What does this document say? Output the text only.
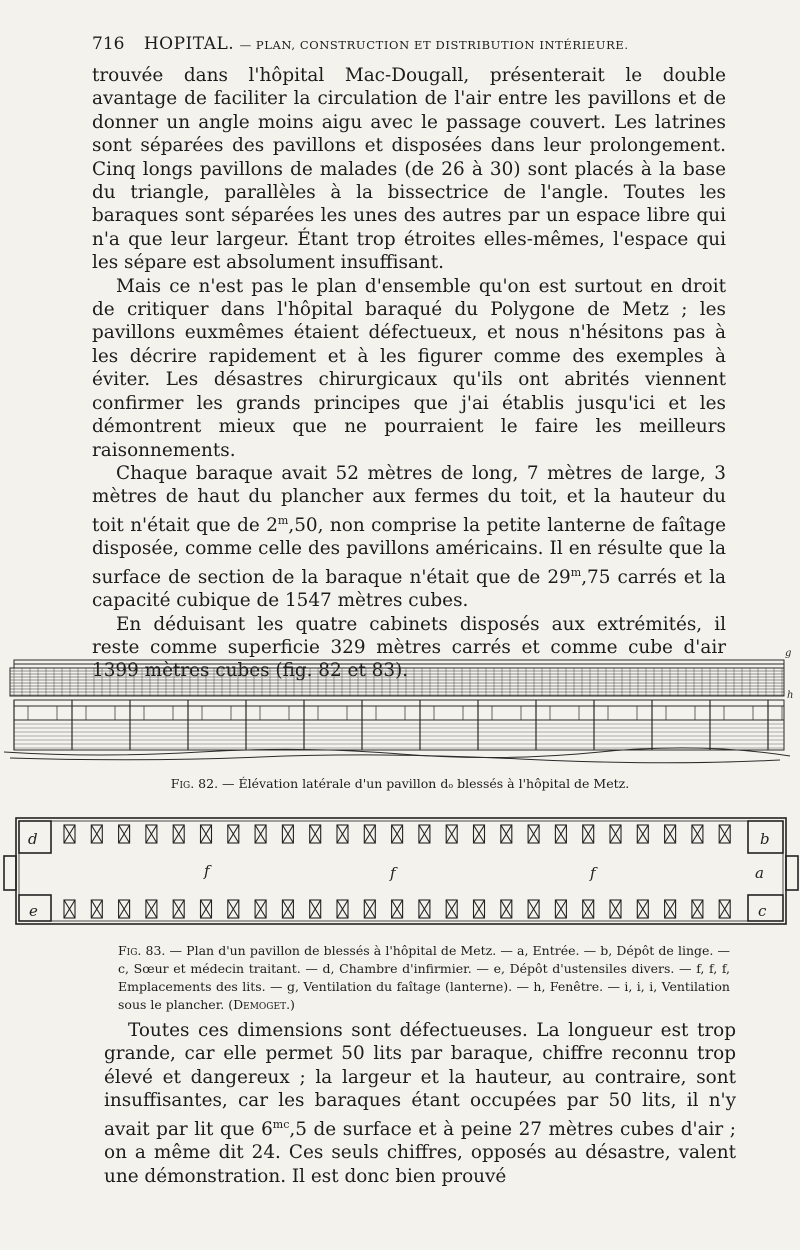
716 HOPITAL. — PLAN, CONSTRUCTION ET DISTRIBUTION INTÉRIEURE.

trouvée dans l'hôpital Mac-Dougall, présenterait le double avantage de faciliter la circulation de l'air entre les pavillons et de donner un angle moins aigu avec le passage couvert. Les latrines sont séparées des pavillons et disposées dans leur prolongement. Cinq longs pavillons de malades (de 26 à 30) sont placés à la base du triangle, parallèles à la bissectrice de l'angle. Toutes les baraques sont séparées les unes des autres par un espace libre qui n'a que leur largeur. Étant trop étroites elles-mêmes, l'espace qui les sépare est absolument insuffisant.

Mais ce n'est pas le plan d'ensemble qu'on est surtout en droit de critiquer dans l'hôpital baraqué du Polygone de Metz ; les pavillons euxmêmes étaient défectueux, et nous n'hésitons pas à les décrire rapidement et à les figurer comme des exemples à éviter. Les désastres chirurgicaux qu'ils ont abrités viennent confirmer les grands principes que j'ai établis jusqu'ici et les démontrent mieux que ne pourraient le faire les meilleurs raisonnements.

Chaque baraque avait 52 mètres de long, 7 mètres de large, 3 mètres de haut du plancher aux fermes du toit, et la hauteur du toit n'était que de 2$^m$,50, non comprise la petite lanterne de faîtage disposée, comme celle des pavillons américains. Il en résulte que la surface de section de la baraque n'était que de 29$^m$,75 carrés et la capacité cubique de 1547 mètres cubes.

En déduisant les quatre cabinets disposés aux extrémités, il reste comme superficie 329 mètres carrés et comme cube d'air 1399 mètres cubes (fig. 82 et 83).

g
h
Fig. 82. — Élévation latérale d'un pavillon dₒ blessés à l'hôpital de Metz.
d
e
b
c
a
f	f	f
Fig. 83. — Plan d'un pavillon de blessés à l'hôpital de Metz. — a, Entrée. — b, Dépôt de linge. — c, Sœur et médecin traitant. — d, Chambre d'infirmier. — e, Dépôt d'ustensiles divers. — f, f, f, Emplacements des lits. — g, Ventilation du faîtage (lanterne). — h, Fenêtre. — i, i, i, Ventilation sous le plancher. (Demoget.)

Toutes ces dimensions sont défectueuses. La longueur est trop grande, car elle permet 50 lits par baraque, chiffre reconnu trop élevé et dangereux ; la largeur et la hauteur, au contraire, sont insuffisantes, car les baraques étant occupées par 50 lits, il n'y avait par lit que $6^{mc},5$ de surface et à peine 27 mètres cubes d'air ; on a même dit 24. Ces seuls chiffres, opposés au désastre, valent une démonstration. Il est donc bien prouvé
